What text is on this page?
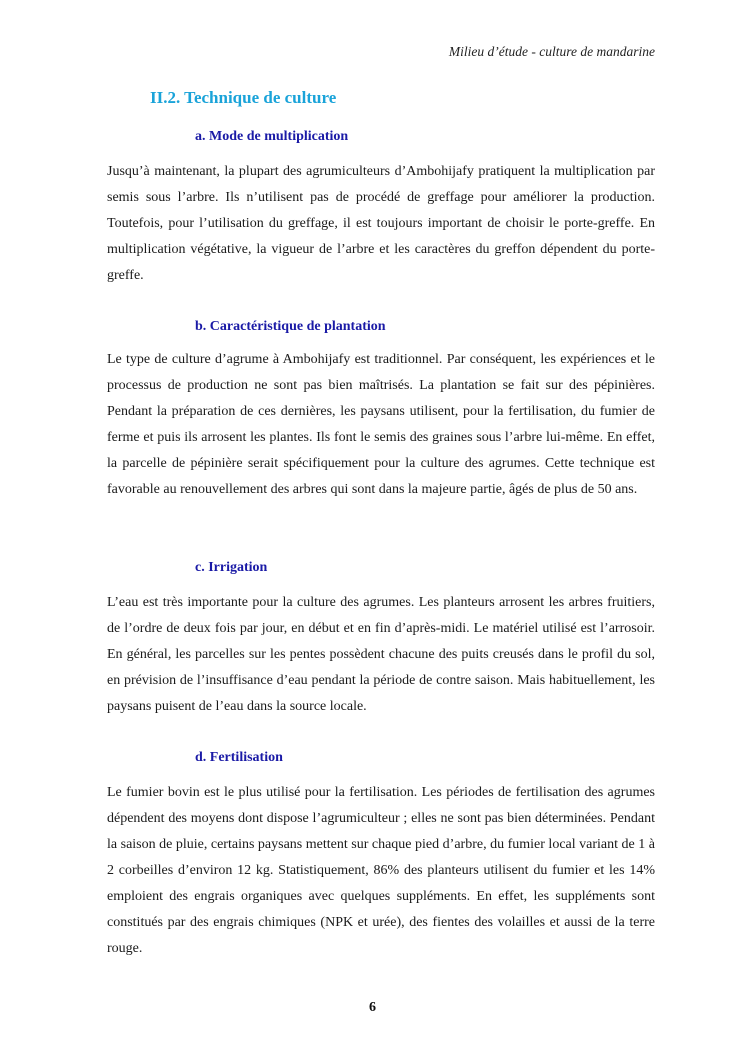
Milieu d’étude - culture de mandarine
II.2. Technique de culture
a. Mode de multiplication

Jusqu’à maintenant, la plupart des agrumiculteurs d’Ambohijafy pratiquent la multiplication par semis sous l’arbre. Ils n’utilisent pas de procédé de greffage pour améliorer la production. Toutefois, pour l’utilisation du greffage, il est toujours important de choisir le porte-greffe. En multiplication végétative, la vigueur de l’arbre et les caractères du greffon dépendent du porte-greffe.

b. Caractéristique de plantation

Le type de culture d’agrume à Ambohijafy est traditionnel. Par conséquent, les expériences et le processus de production ne sont pas bien maîtrisés. La plantation se fait sur des pépinières. Pendant la préparation de ces dernières, les paysans utilisent, pour la fertilisation, du fumier de ferme et puis ils arrosent les plantes. Ils font le semis des graines sous l’arbre lui-même. En effet, la parcelle de pépinière serait spécifiquement pour la culture des agrumes. Cette technique est favorable au renouvellement des arbres qui sont dans la majeure partie, âgés de plus de 50 ans.

c. Irrigation

L’eau est très importante pour la culture des agrumes. Les planteurs arrosent les arbres fruitiers, de l’ordre de deux fois par jour, en début et en fin d’après-midi. Le matériel utilisé est l’arrosoir. En général, les parcelles sur les pentes possèdent chacune des puits creusés dans le profil du sol, en prévision de l’insuffisance d’eau pendant la période de contre saison. Mais habituellement, les paysans puisent de l’eau dans la source locale.

d. Fertilisation

Le fumier bovin est le plus utilisé pour la fertilisation. Les périodes de fertilisation des agrumes dépendent des moyens dont dispose l’agrumiculteur ; elles ne sont pas bien déterminées. Pendant la saison de pluie, certains paysans mettent sur chaque pied d’arbre, du fumier local variant de 1 à 2 corbeilles d’environ 12 kg. Statistiquement, 86% des planteurs utilisent du fumier et les 14% emploient des engrais organiques avec quelques suppléments. En effet, les suppléments sont constitués par des engrais chimiques (NPK et urée), des fientes des volailles et aussi de la terre rouge.

6
